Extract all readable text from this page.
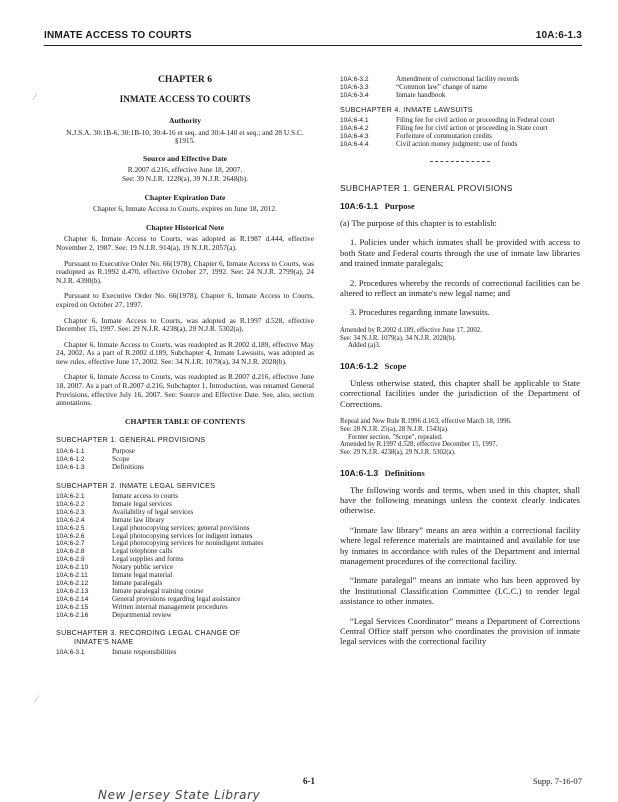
INMATE ACCESS TO COURTS	10A:6-1.3
⁄
⁄
CHAPTER 6
INMATE ACCESS TO COURTS
Authority

N.J.S.A. 30:1B-6, 30:1B-10, 30:4-16 et seq. and 30:4-140 et seq.; and 28 U.S.C. §1915.

Source and Effective Date

R.2007 d.216, effective June 18, 2007.

See: 39 N.J.R. 1228(a), 39 N.J.R. 2648(b).

Chapter Expiration Date

Chapter 6, Inmate Access to Courts, expires on June 18, 2012.

Chapter Historical Note

Chapter 6, Inmate Access to Courts, was adopted as R.1987 d.444, effective November 2, 1987. See: 19 N.J.R. 914(a), 19 N.J.R. 2057(a).

Pursuant to Executive Order No. 66(1978), Chapter 6, Inmate Access to Courts, was readopted as R.1992 d.470, effective October 27, 1992. See: 24 N.J.R. 2799(a), 24 N.J.R. 4390(b).

Pursuant to Executive Order No. 66(1978), Chapter 6, Inmate Access to Courts, expired on October 27, 1997.

Chapter 6, Inmate Access to Courts, was adopted as R.1997 d.528, effective December 15, 1997. See: 29 N.J.R. 4238(a), 29 N.J.R. 5302(a).

Chapter 6, Inmate Access to Courts, was readopted as R.2002 d.189, effective May 24, 2002. As a part of R.2002 d.189, Subchapter 4, Inmate Lawsuits, was adopted as new rules, effective June 17, 2002. See: 34 N.J.R. 1079(a), 34 N.J.R. 2028(b).

Chapter 6, Inmate Access to Courts, was readopted as R.2007 d.216, effective June 18, 2007. As a part of R.2007 d.216, Subchapter 1, Introduction, was renamed General Provisions, effective July 16, 2007. See: Source and Effective Date. See, also, section annotations.

CHAPTER TABLE OF CONTENTS
SUBCHAPTER 1. GENERAL PROVISIONS
10A:6-1.1	Purpose
10A:6-1.2	Scope
10A:6-1.3	Definitions
SUBCHAPTER 2. INMATE LEGAL SERVICES
10A:6-2.1	Inmate access to courts
10A:6-2.2	Inmate legal services
10A:6-2.3	Availability of legal services
10A:6-2.4	Inmate law library
10A:6-2.5	Legal photocopying services; general provisions
10A:6-2.6	Legal photocopying services for indigent inmates
10A:6-2.7	Legal photocopying services for nonindigent inmates
10A:6-2.8	Legal telephone calls
10A:6-2.9	Legal supplies and forms
10A:6-2.10	Notary public service
10A:6-2.11	Inmate legal material
10A:6-2.12	Inmate paralegals
10A:6-2.13	Inmate paralegal training course
10A:6-2.14	General provisions regarding legal assistance
10A:6-2.15	Written internal management procedures
10A:6-2.16	Departmental review
SUBCHAPTER 3. RECORDING LEGAL CHANGE OF
INMATE'S NAME
10A:6-3.1	Inmate responsibilities
10A:6-3.2	Amendment of correctional facility records
10A:6-3.3	“Common law” change of name
10A:6-3.4	Inmate handbook
SUBCHAPTER 4. INMATE LAWSUITS
10A:6-4.1	Filing fee for civil action or proceeding in Federal court
10A:6-4.2	Filing fee for civil action or proceeding in State court
10A:6-4.3	Forfeiture of commutation credits
10A:6-4.4	Civil action money judgment; use of funds
SUBCHAPTER 1. GENERAL PROVISIONS
10A:6-1.1 Purpose

(a) The purpose of this chapter is to establish:

1. Policies under which inmates shall be provided with access to both State and Federal courts through the use of inmate law libraries and trained inmate paralegals;

2. Procedures whereby the records of correctional facilities can be altered to reflect an inmate's new legal name; and

3. Procedures regarding inmate lawsuits.

Amended by R.2002 d.189, effective June 17, 2002.
See: 34 N.J.R. 1079(a), 34 N.J.R. 2028(b).
Added (a)3.
10A:6-1.2 Scope

Unless otherwise stated, this chapter shall be applicable to State correctional facilities under the jurisdiction of the Department of Corrections.

Repeal and New Rule R.1996 d.163, effective March 18, 1996.
See: 28 N.J.R. 25(a), 28 N.J.R. 1543(a).
Former section, "Scope", repealed.
Amended by R.1997 d.528, effective December 15, 1997.
See: 29 N.J.R. 4238(a), 29 N.J.R. 5302(a).
10A:6-1.3 Definitions

The following words and terms, when used in this chapter, shall have the following meanings unless the context clearly indicates otherwise.

“Inmate law library” means an area within a correctional facility where legal reference materials are maintained and available for use by inmates in accordance with rules of the Department and internal management procedures of the correctional facility.

“Inmate paralegal” means an inmate who has been approved by the Institutional Classification Committee (I.C.C.) to render legal assistance to other inmates.

“Legal Services Coordinator” means a Department of Corrections Central Office staff person who coordinates the provision of inmate legal services with the correctional facility

6-1	Supp. 7-16-07
New Jersey State Library
